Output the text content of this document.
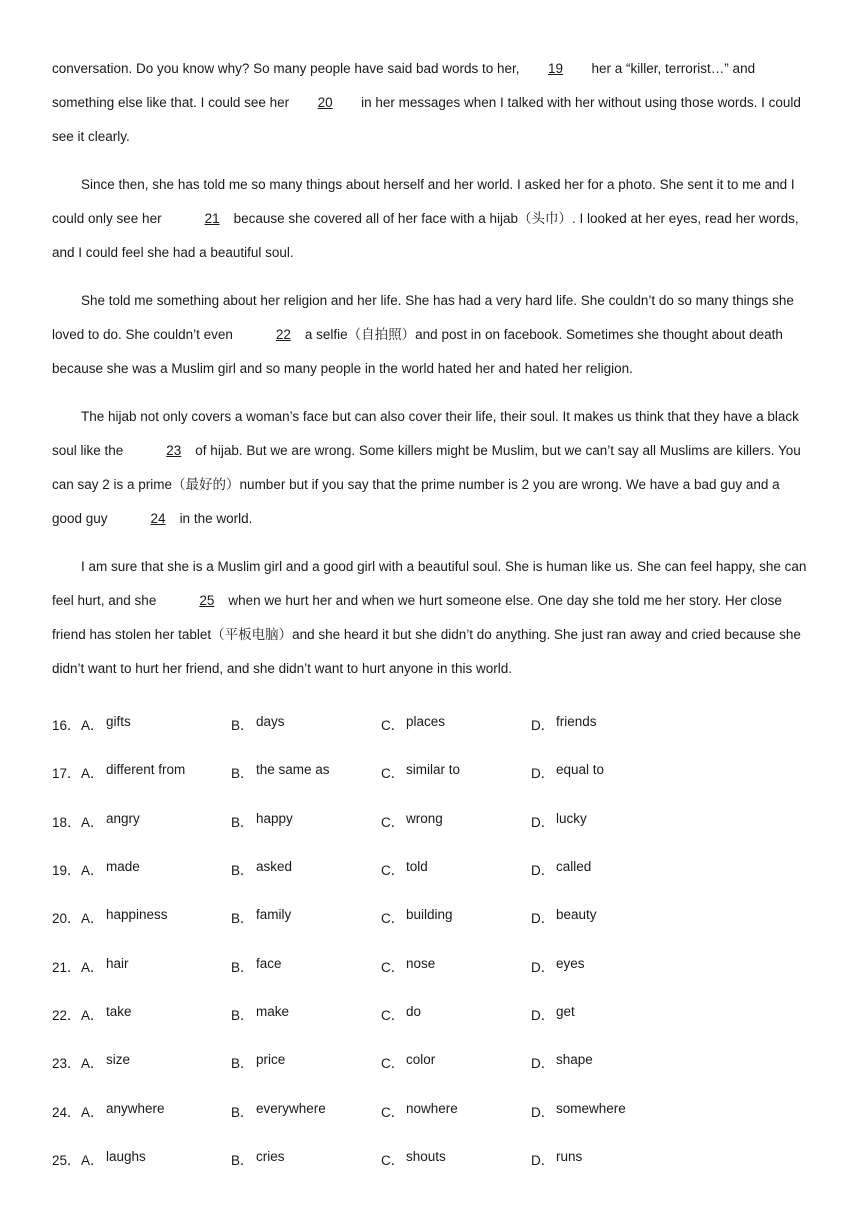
conversation. Do you know why? So many people have said bad words to her, 19 her a “killer, terrorist…” and something else like that. I could see her 20 in her messages when I talked with her without using those words. I could see it clearly.

Since then, she has told me so many things about herself and her world. I asked her for a photo. She sent it to me and I could only see her	21 because she covered all of her face with a hijab（头巾）. I looked at her eyes, read her words, and I could feel she had a beautiful soul.

She told me something about her religion and her life. She has had a very hard life. She couldn’t do so many things she loved to do. She couldn’t even	22 a selfie（自拍照）and post in on facebook. Sometimes she thought about death because she was a Muslim girl and so many people in the world hated her and hated her religion.

The hijab not only covers a woman’s face but can also cover their life, their soul. It makes us think that they have a black soul like the	23 of hijab. But we are wrong. Some killers might be Muslim, but we can’t say all Muslims are killers. You can say 2 is a prime（最好的）number but if you say that the prime number is 2 you are wrong. We have a bad guy and a good guy	24 in the world.

I am sure that she is a Muslim girl and a good girl with a beautiful soul. She is human like us. She can feel happy, she can feel hurt, and she	25 when we hurt her and when we hurt someone else. One day she told me her story. Her close friend has stolen her tablet（平板电脑）and she heard it but she didn’t do anything. She just ran away and cried because she didn’t want to hurt her friend, and she didn’t want to hurt anyone in this world.

16． A． gifts	B． days	C． places	D． friends
17． A． different from	B． the same as	C． similar to	D． equal to
18． A． angry	B． happy	C． wrong	D． lucky
19． A． made	B． asked	C． told	D． called
20． A． happiness	B． family	C． building	D． beauty
21． A． hair	B． face	C． nose	D． eyes
22． A． take	B． make	C． do	D． get
23． A． size	B． price	C． color	D． shape
24． A． anywhere	B． everywhere	C． nowhere	D． somewhere
25． A． laughs	B． cries	C． shouts	D． runs
